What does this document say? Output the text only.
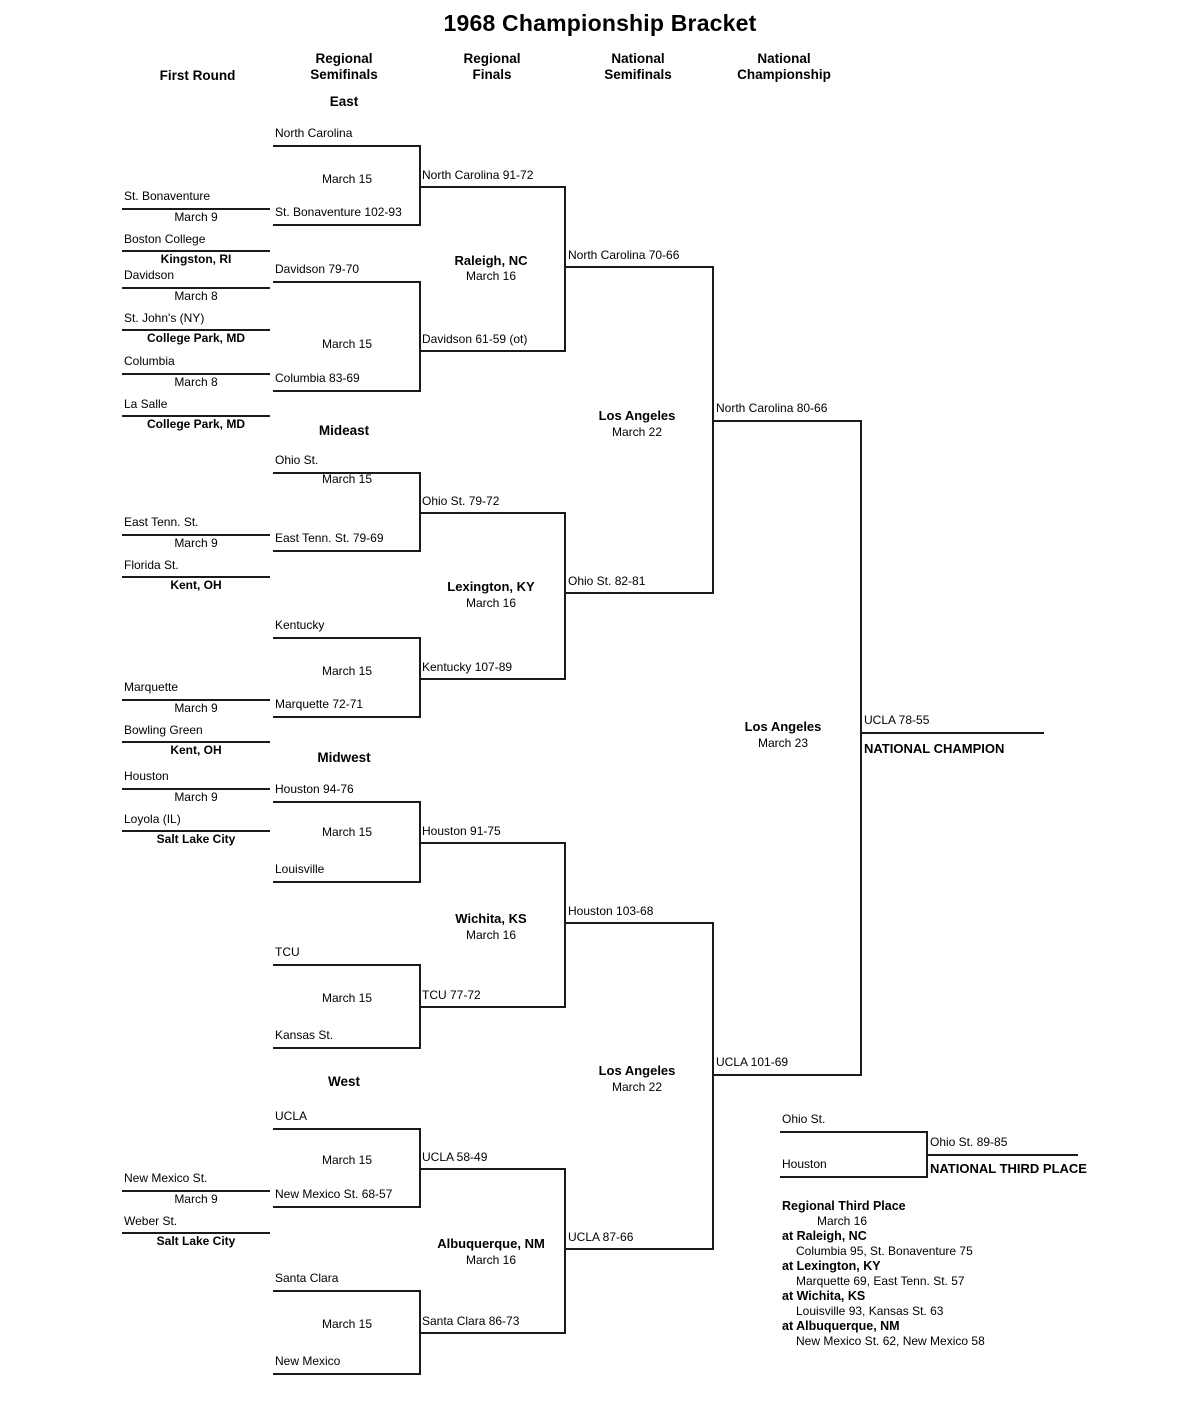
1968 Championship Bracket
First Round
Regional
Semifinals
Regional
Finals
National
Semifinals
National
Championship
East
Mideast
Midwest
West
North Carolina
St. Bonaventure
March 9
Boston College
Kingston, RI
St. Bonaventure 102-93
March 15	North Carolina 91-72
Davidson
March 8
St. John's (NY)
College Park, MD
Davidson 79-70
March 15
Columbia
March 8
La Salle
College Park, MD
Columbia 83-69
Davidson 61-59 (ot)
Raleigh, NC
March 16
North Carolina 70-66
Ohio St.
East Tenn. St.
March 9
Florida St.
Kent, OH
East Tenn. St. 79-69
March 15
Ohio St. 79-72
Kentucky
Marquette
March 9
Bowling Green
Kent, OH
Marquette 72-71
March 15	Kentucky 107-89
Lexington, KY
March 16
Ohio St. 82-81
Los Angeles
March 22
North Carolina 80-66
Houston
March 9
Loyola (IL)
Salt Lake City
Houston 94-76
March 15
Louisville
Houston 91-75
TCU
March 15
Kansas St.
TCU 77-72
Wichita, KS
March 16
Houston 103-68
UCLA
New Mexico St.
March 9
Weber St.
Salt Lake City
New Mexico St. 68-57
March 15	UCLA 58-49
Santa Clara
March 15
New Mexico
Santa Clara 86-73
Albuquerque, NM
March 16
UCLA 87-66
Los Angeles
March 22
UCLA 101-69
Los Angeles
March 23
UCLA 78-55
NATIONAL CHAMPION
Ohio St.
Houston
Ohio St. 89-85
NATIONAL THIRD PLACE
Regional Third Place
March 16
at Raleigh, NC
Columbia 95, St. Bonaventure 75
at Lexington, KY
Marquette 69, East Tenn. St. 57
at Wichita, KS
Louisville 93, Kansas St. 63
at Albuquerque, NM
New Mexico St. 62, New Mexico 58
